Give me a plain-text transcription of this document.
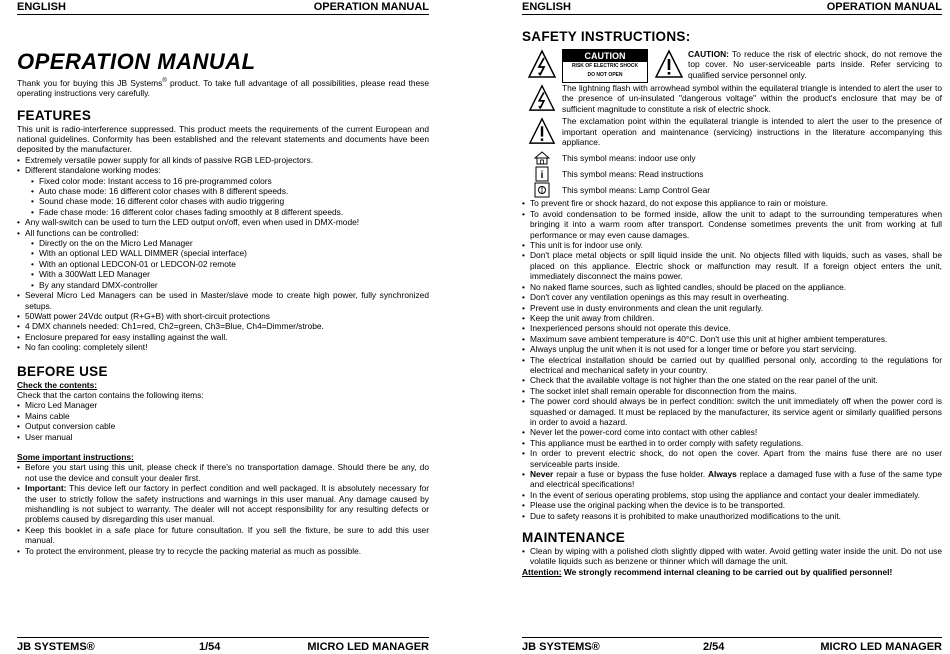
ENGLISH	OPERATION MANUAL
OPERATION MANUAL

Thank you for buying this JB Systems® product. To take full advantage of all possibilities, please read these operating instructions very carefully.

FEATURES

This unit is radio-interference suppressed. This product meets the requirements of the current European and national guidelines. Conformity has been established and the relevant statements and documents have been deposited by the manufacturer.

• Extremely versatile power supply for all kinds of passive RGB LED-projectors.
• Different standalone working modes:
• Fixed color mode: Instant access to 16 pre-programmed colors
• Auto chase mode: 16 different color chases with 8 different speeds.
• Sound chase mode: 16 different color chases with audio triggering
• Fade chase mode: 16 different color chases fading smoothly at 8 different speeds.
• Any wall-switch can be used to turn the LED output on/off, even when used in DMX-mode!
• All functions can be controlled:
• Directly on the on the Micro Led Manager
• With an optional LED WALL DIMMER (special interface)
• With an optional LEDCON-01 or LEDCON-02 remote
• With a 300Watt LED Manager
• By any standard DMX-controller
• Several Micro Led Managers can be used in Master/slave mode to create high power, fully synchronized setups.
• 50Watt power 24Vdc output (R+G+B) with short-circuit protections
• 4 DMX channels needed: Ch1=red, Ch2=green, Ch3=Blue, Ch4=Dimmer/strobe.
• Enclosure prepared for easy installing against the wall.
• No fan cooling: completely silent!
BEFORE USE

Check the contents:

Check that the carton contains the following items:

• Micro Led Manager
• Mains cable
• Output conversion cable
• User manual

Some important instructions:

• Before you start using this unit, please check if there's no transportation damage. Should there be any, do not use the device and consult your dealer first.
• Important: This device left our factory in perfect condition and well packaged. It is absolutely necessary for the user to strictly follow the safety instructions and warnings in this user manual. Any damage caused by mishandling is not subject to warranty. The dealer will not accept responsibility for any resulting defects or problems caused by disregarding this user manual.
• Keep this booklet in a safe place for future consultation. If you sell the fixture, be sure to add this user manual.
• To protect the environment, please try to recycle the packing material as much as possible.
JB SYSTEMS®	1/54	MICRO LED MANAGER
ENGLISH	OPERATION MANUAL
SAFETY INSTRUCTIONS:
CAUTION
RISK OF ELECTRIC SHOCK
DO NOT OPEN
CAUTION: To reduce the risk of electric shock, do not remove the top cover. No user-serviceable parts inside. Refer servicing to qualified service personnel only.
The lightning flash with arrowhead symbol within the equilateral triangle is intended to alert the user to the presence of un-insulated "dangerous voltage" within the product's enclosure that may be of sufficient magnitude to constitute a risk of electric shock.
The exclamation point within the equilateral triangle is intended to alert the user to the presence of important operation and maintenance (servicing) instructions in the literature accompanying this appliance.
This symbol means: indoor use only
i This symbol means: Read instructions
This symbol means: Lamp Control Gear
• To prevent fire or shock hazard, do not expose this appliance to rain or moisture.
• To avoid condensation to be formed inside, allow the unit to adapt to the surrounding temperatures when bringing it into a warm room after transport. Condense sometimes prevents the unit from working at full performance or may even cause damages.
• This unit is for indoor use only.
• Don't place metal objects or spill liquid inside the unit. No objects filled with liquids, such as vases, shall be placed on this appliance. Electric shock or malfunction may result. If a foreign object enters the unit, immediately disconnect the mains power.
• No naked flame sources, such as lighted candles, should be placed on the appliance.
• Don't cover any ventilation openings as this may result in overheating.
• Prevent use in dusty environments and clean the unit regularly.
• Keep the unit away from children.
• Inexperienced persons should not operate this device.
• Maximum save ambient temperature is 40°C. Don't use this unit at higher ambient temperatures.
• Always unplug the unit when it is not used for a longer time or before you start servicing.
• The electrical installation should be carried out by qualified personal only, according to the regulations for electrical and mechanical safety in your country.
• Check that the available voltage is not higher than the one stated on the rear panel of the unit.
• The socket inlet shall remain operable for disconnection from the mains.
• The power cord should always be in perfect condition: switch the unit immediately off when the power cord is squashed or damaged. It must be replaced by the manufacturer, its service agent or similarly qualified persons in order to avoid a hazard.
• Never let the power-cord come into contact with other cables!
• This appliance must be earthed in to order comply with safety regulations.
• In order to prevent electric shock, do not open the cover. Apart from the mains fuse there are no user serviceable parts inside.
• Never repair a fuse or bypass the fuse holder. Always replace a damaged fuse with a fuse of the same type and electrical specifications!
• In the event of serious operating problems, stop using the appliance and contact your dealer immediately.
• Please use the original packing when the device is to be transported.
• Due to safety reasons it is prohibited to make unauthorized modifications to the unit.
MAINTENANCE
• Clean by wiping with a polished cloth slightly dipped with water. Avoid getting water inside the unit. Do not use volatile liquids such as benzene or thinner which will damage the unit.

Attention: We strongly recommend internal cleaning to be carried out by qualified personnel!

JB SYSTEMS®	2/54	MICRO LED MANAGER
